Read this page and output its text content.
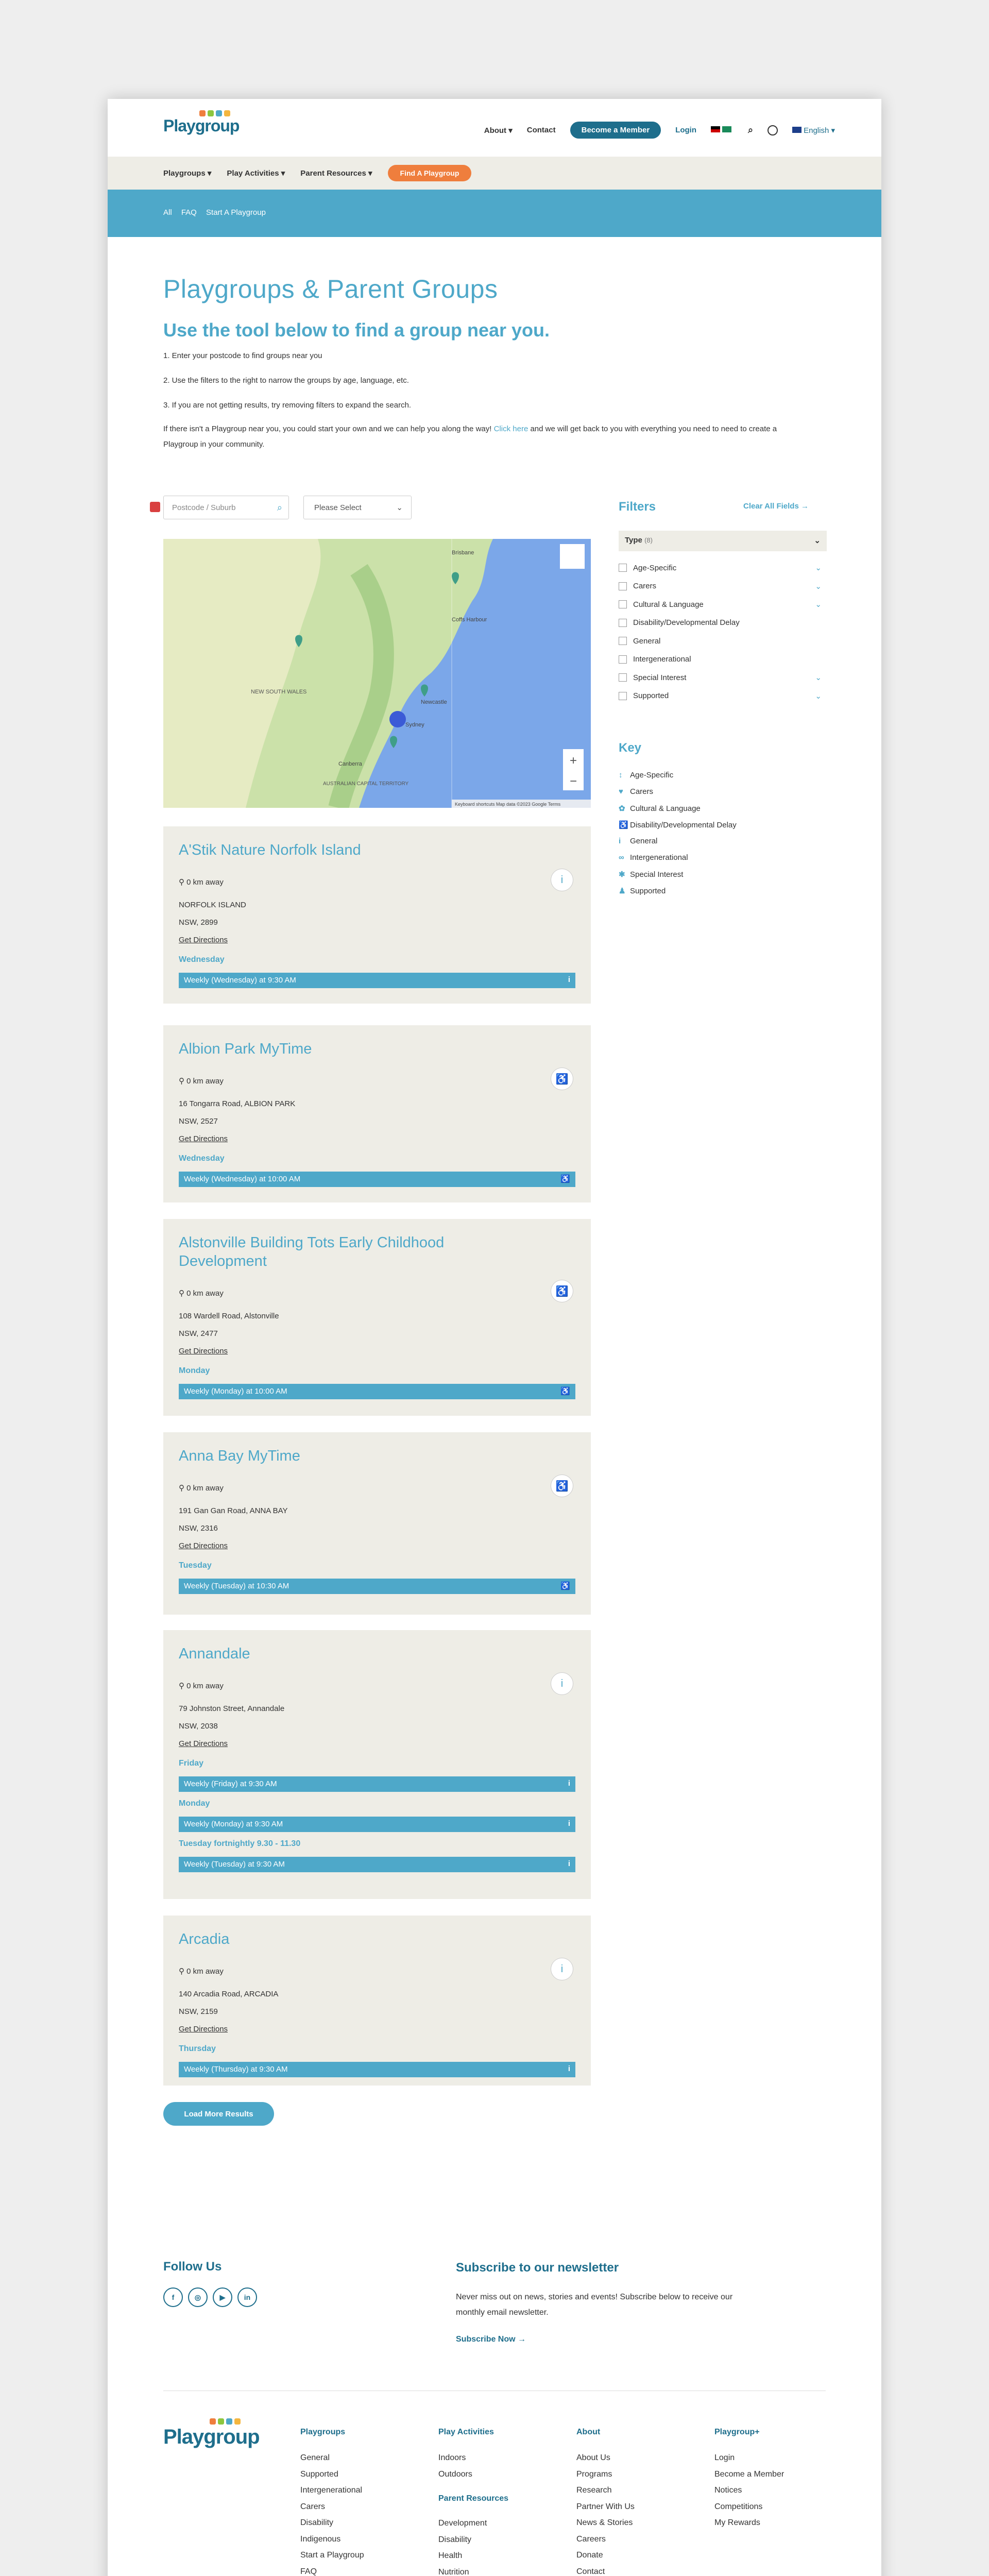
Playgroup	About ▾ Contact	Become a Member	Login	⌕	English ▾
Playgroups ▾ Play Activities ▾ Parent Resources ▾	Find A Playgroup
All FAQ Start A Playgroup
Playgroups & Parent Groups
Use the tool below to find a group near you.

1. Enter your postcode to find groups near you

2. Use the filters to the right to narrow the groups by age, language, etc.

3. If you are not getting results, try removing filters to expand the search.

If there isn't a Playgroup near you, you could start your own and we can help you along the way! Click here and we will get back to you with everything you need to need to create a Playgroup in your community.

Postcode / Suburb	⌕	Please Select	⌄
Brisbane
NEW SOUTH WALES
Sydney
AUSTRALIAN CAPITAL TERRITORY
Canberra
Newcastle
Coffs Harbour
+
−
Keyboard shortcuts Map data ©2023 Google Terms
A'Stik Nature Norfolk Island
i
⚲ 0 km away
NORFOLK ISLAND
NSW, 2899
Get Directions
Wednesday
Weekly (Wednesday) at 9:30 AM	i
Albion Park MyTime
♿
⚲ 0 km away
16 Tongarra Road, ALBION PARK
NSW, 2527
Get Directions
Wednesday
Weekly (Wednesday) at 10:00 AM	♿
Alstonville Building Tots Early Childhood Development
♿
⚲ 0 km away
108 Wardell Road, Alstonville
NSW, 2477
Get Directions
Monday
Weekly (Monday) at 10:00 AM	♿
Anna Bay MyTime
♿
⚲ 0 km away
191 Gan Gan Road, ANNA BAY
NSW, 2316
Get Directions
Tuesday
Weekly (Tuesday) at 10:30 AM	♿
Annandale
i
⚲ 0 km away
79 Johnston Street, Annandale
NSW, 2038
Get Directions
Friday
Weekly (Friday) at 9:30 AM	i
Monday
Weekly (Monday) at 9:30 AM	i
Tuesday fortnightly 9.30 - 11.30
Weekly (Tuesday) at 9:30 AM	i
Arcadia
i
⚲ 0 km away
140 Arcadia Road, ARCADIA
NSW, 2159
Get Directions
Thursday
Weekly (Thursday) at 9:30 AM	i
Load More Results
Filters	Clear All Fields →
Type (8)	⌄
Age-Specific	⌄
Carers	⌄
Cultural & Language	⌄
Disability/Developmental Delay
General
Intergenerational
Special Interest	⌄
Supported	⌄
Key
↕ Age-Specific
♥ Carers
✿ Cultural & Language
♿ Disability/Developmental Delay
i	General
∞ Intergenerational
✱ Special Interest
♟ Supported
Follow Us
f	◎	▶	in
Subscribe to our newsletter
Never miss out on news, stories and events! Subscribe below to receive our monthly email newsletter.
Subscribe Now →
Playgroup	Playgroups
General
Supported
Intergenerational
Carers
Disability
Indigenous
Start a Playgroup
FAQ
Play Activities
Indoors
Outdoors
Parent Resources
Development
Disability
Health
Nutrition
About
About Us
Programs
Research
Partner With Us
News & Stories
Careers
Donate
Contact
Playgroup+
Login
Become a Member
Notices
Competitions
My Rewards
